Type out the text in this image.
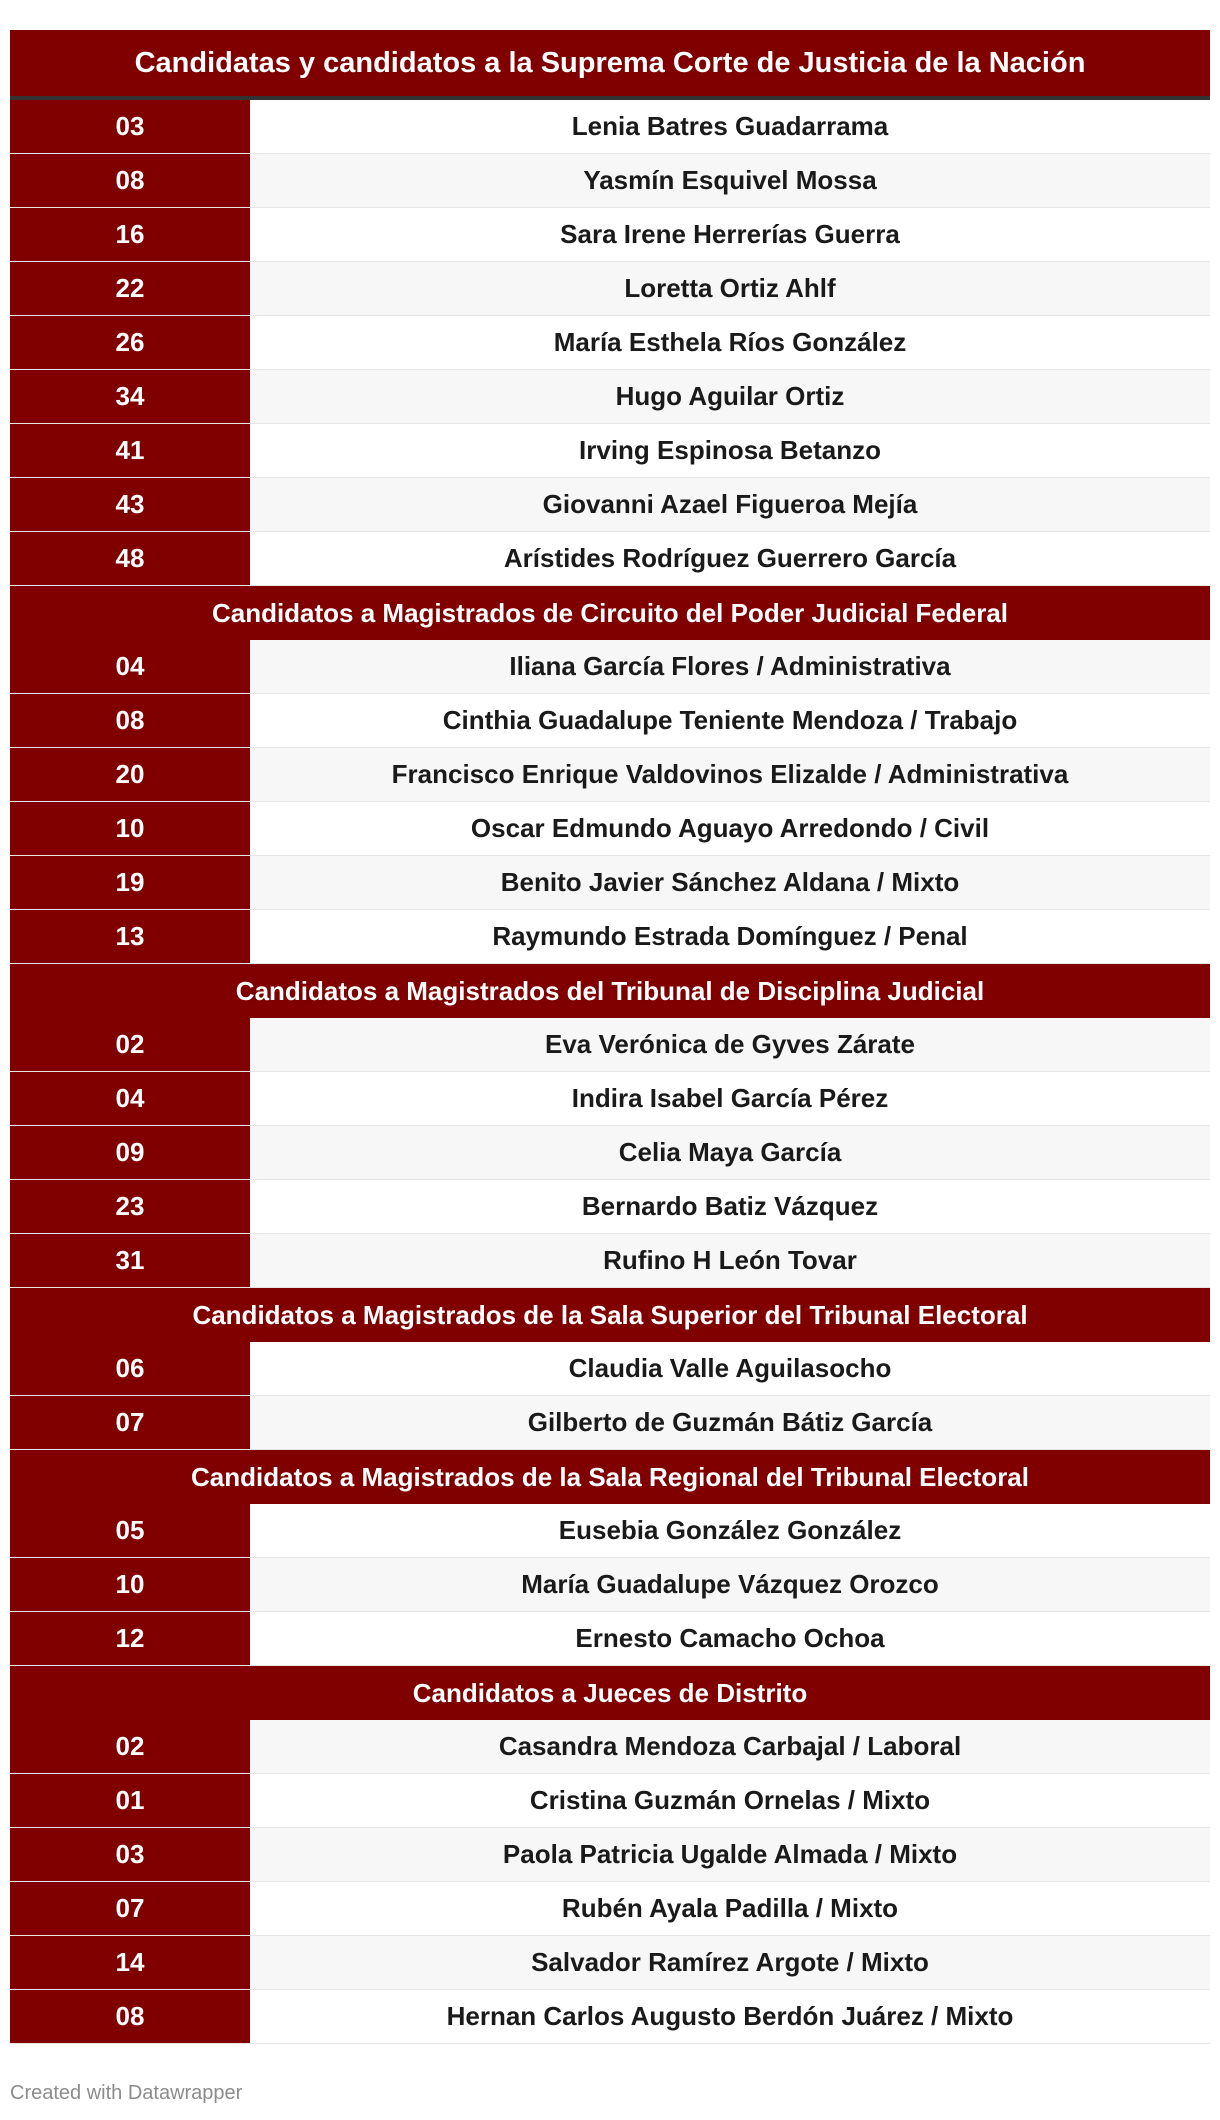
Candidatas y candidatos a la Suprema Corte de Justicia de la Nación
03	Lenia Batres Guadarrama
08	Yasmín Esquivel Mossa
16	Sara Irene Herrerías Guerra
22	Loretta Ortiz Ahlf
26	María Esthela Ríos González
34	Hugo Aguilar Ortiz
41	Irving Espinosa Betanzo
43	Giovanni Azael Figueroa Mejía
48	Arístides Rodríguez Guerrero García
Candidatos a Magistrados de Circuito del Poder Judicial Federal
04	Iliana García Flores / Administrativa
08	Cinthia Guadalupe Teniente Mendoza / Trabajo
20	Francisco Enrique Valdovinos Elizalde / Administrativa
10	Oscar Edmundo Aguayo Arredondo / Civil
19	Benito Javier Sánchez Aldana / Mixto
13	Raymundo Estrada Domínguez / Penal
Candidatos a Magistrados del Tribunal de Disciplina Judicial
02	Eva Verónica de Gyves Zárate
04	Indira Isabel García Pérez
09	Celia Maya García
23	Bernardo Batiz Vázquez
31	Rufino H León Tovar
Candidatos a Magistrados de la Sala Superior del Tribunal Electoral
06	Claudia Valle Aguilasocho
07	Gilberto de Guzmán Bátiz García
Candidatos a Magistrados de la Sala Regional del Tribunal Electoral
05	Eusebia González González
10	María Guadalupe Vázquez Orozco
12	Ernesto Camacho Ochoa
Candidatos a Jueces de Distrito
02	Casandra Mendoza Carbajal / Laboral
01	Cristina Guzmán Ornelas / Mixto
03	Paola Patricia Ugalde Almada / Mixto
07	Rubén Ayala Padilla / Mixto
14	Salvador Ramírez Argote / Mixto
08	Hernan Carlos Augusto Berdón Juárez / Mixto
Created with Datawrapper
